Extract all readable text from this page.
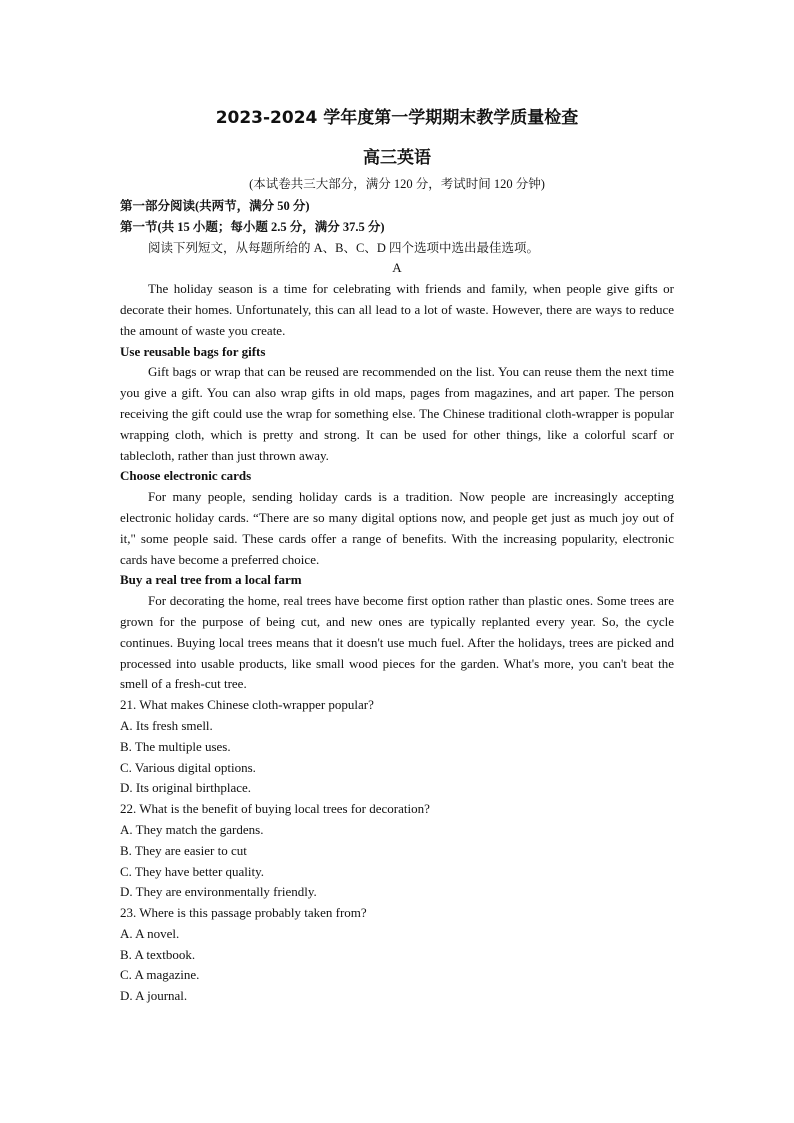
2023-2024 学年度第一学期期末教学质量检查

高三英语

(本试卷共三大部分，满分 120 分，考试时间 120 分钟)

第一部分阅读(共两节，满分 50 分)

第一节(共 15 小题；每小题 2.5 分，满分 37.5 分)

阅读下列短文，从每题所给的 A、B、C、D 四个选项中选出最佳选项。

A

The holiday season is a time for celebrating with friends and family, when people give gifts or decorate their homes. Unfortunately, this can all lead to a lot of waste. However, there are ways to reduce the amount of waste you create.

Use reusable bags for gifts

Gift bags or wrap that can be reused are recommended on the list. You can reuse them the next time you give a gift. You can also wrap gifts in old maps, pages from magazines, and art paper. The person receiving the gift could use the wrap for something else. The Chinese traditional cloth-wrapper is popular wrapping cloth, which is pretty and strong. It can be used for other things, like a colorful scarf or tablecloth, rather than just thrown away.

Choose electronic cards

For many people, sending holiday cards is a tradition. Now people are increasingly accepting electronic holiday cards. “There are so many digital options now, and people get just as much joy out of it," some people said. These cards offer a range of benefits. With the increasing popularity, electronic cards have become a preferred choice.

Buy a real tree from a local farm

For decorating the home, real trees have become first option rather than plastic ones. Some trees are grown for the purpose of being cut, and new ones are typically replanted every year. So, the cycle continues. Buying local trees means that it doesn't use much fuel. After the holidays, trees are picked and processed into usable products, like small wood pieces for the garden. What's more, you can't beat the smell of a fresh-cut tree.

21. What makes Chinese cloth-wrapper popular?

A. Its fresh smell.

B. The multiple uses.

C. Various digital options.

D. Its original birthplace.

22. What is the benefit of buying local trees for decoration?

A. They match the gardens.

B. They are easier to cut

C. They have better quality.

D. They are environmentally friendly.

23. Where is this passage probably taken from?

A. A novel.

B. A textbook.

C. A magazine.

D. A journal.
